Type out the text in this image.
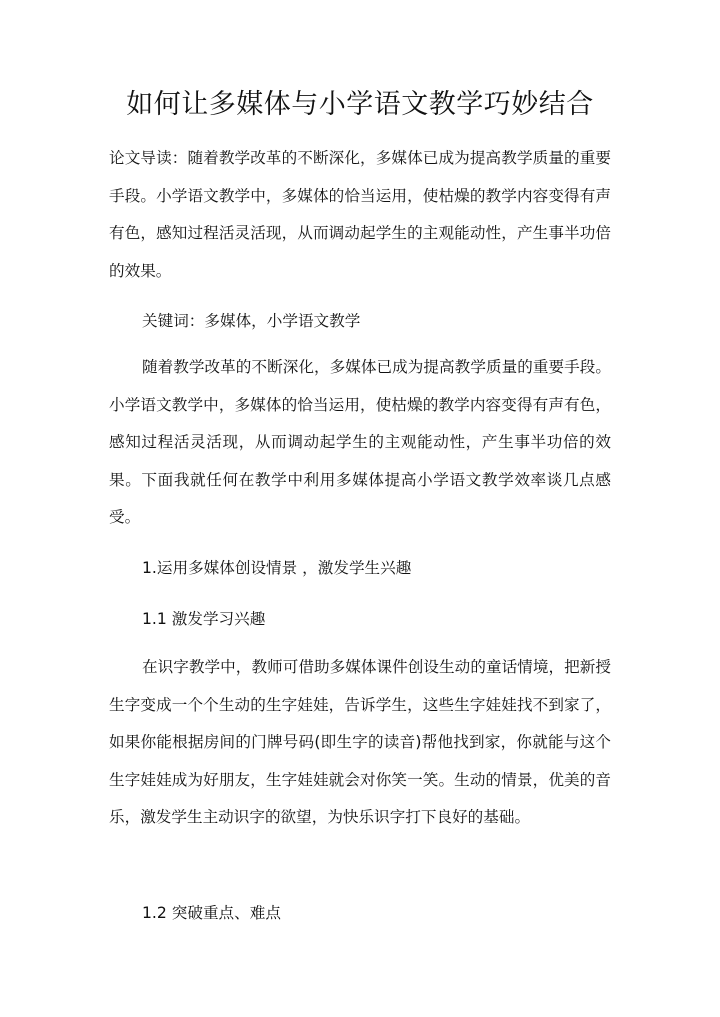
如何让多媒体与小学语文教学巧妙结合

论文导读：随着教学改革的不断深化，多媒体已成为提高教学质量的重要手段。小学语文教学中，多媒体的恰当运用，使枯燥的教学内容变得有声有色，感知过程活灵活现，从而调动起学生的主观能动性，产生事半功倍的效果。

关键词：多媒体，小学语文教学

随着教学改革的不断深化，多媒体已成为提高教学质量的重要手段。小学语文教学中，多媒体的恰当运用，使枯燥的教学内容变得有声有色，感知过程活灵活现，从而调动起学生的主观能动性，产生事半功倍的效果。下面我就任何在教学中利用多媒体提高小学语文教学效率谈几点感受。

1.运用多媒体创设情景 ，激发学生兴趣

1.1 激发学习兴趣

在识字教学中，教师可借助多媒体课件创设生动的童话情境，把新授生字变成一个个生动的生字娃娃，告诉学生，这些生字娃娃找不到家了，如果你能根据房间的门牌号码(即生字的读音)帮他找到家，你就能与这个生字娃娃成为好朋友，生字娃娃就会对你笑一笑。生动的情景，优美的音乐，激发学生主动识字的欲望，为快乐识字打下良好的基础。

1.2 突破重点、难点
